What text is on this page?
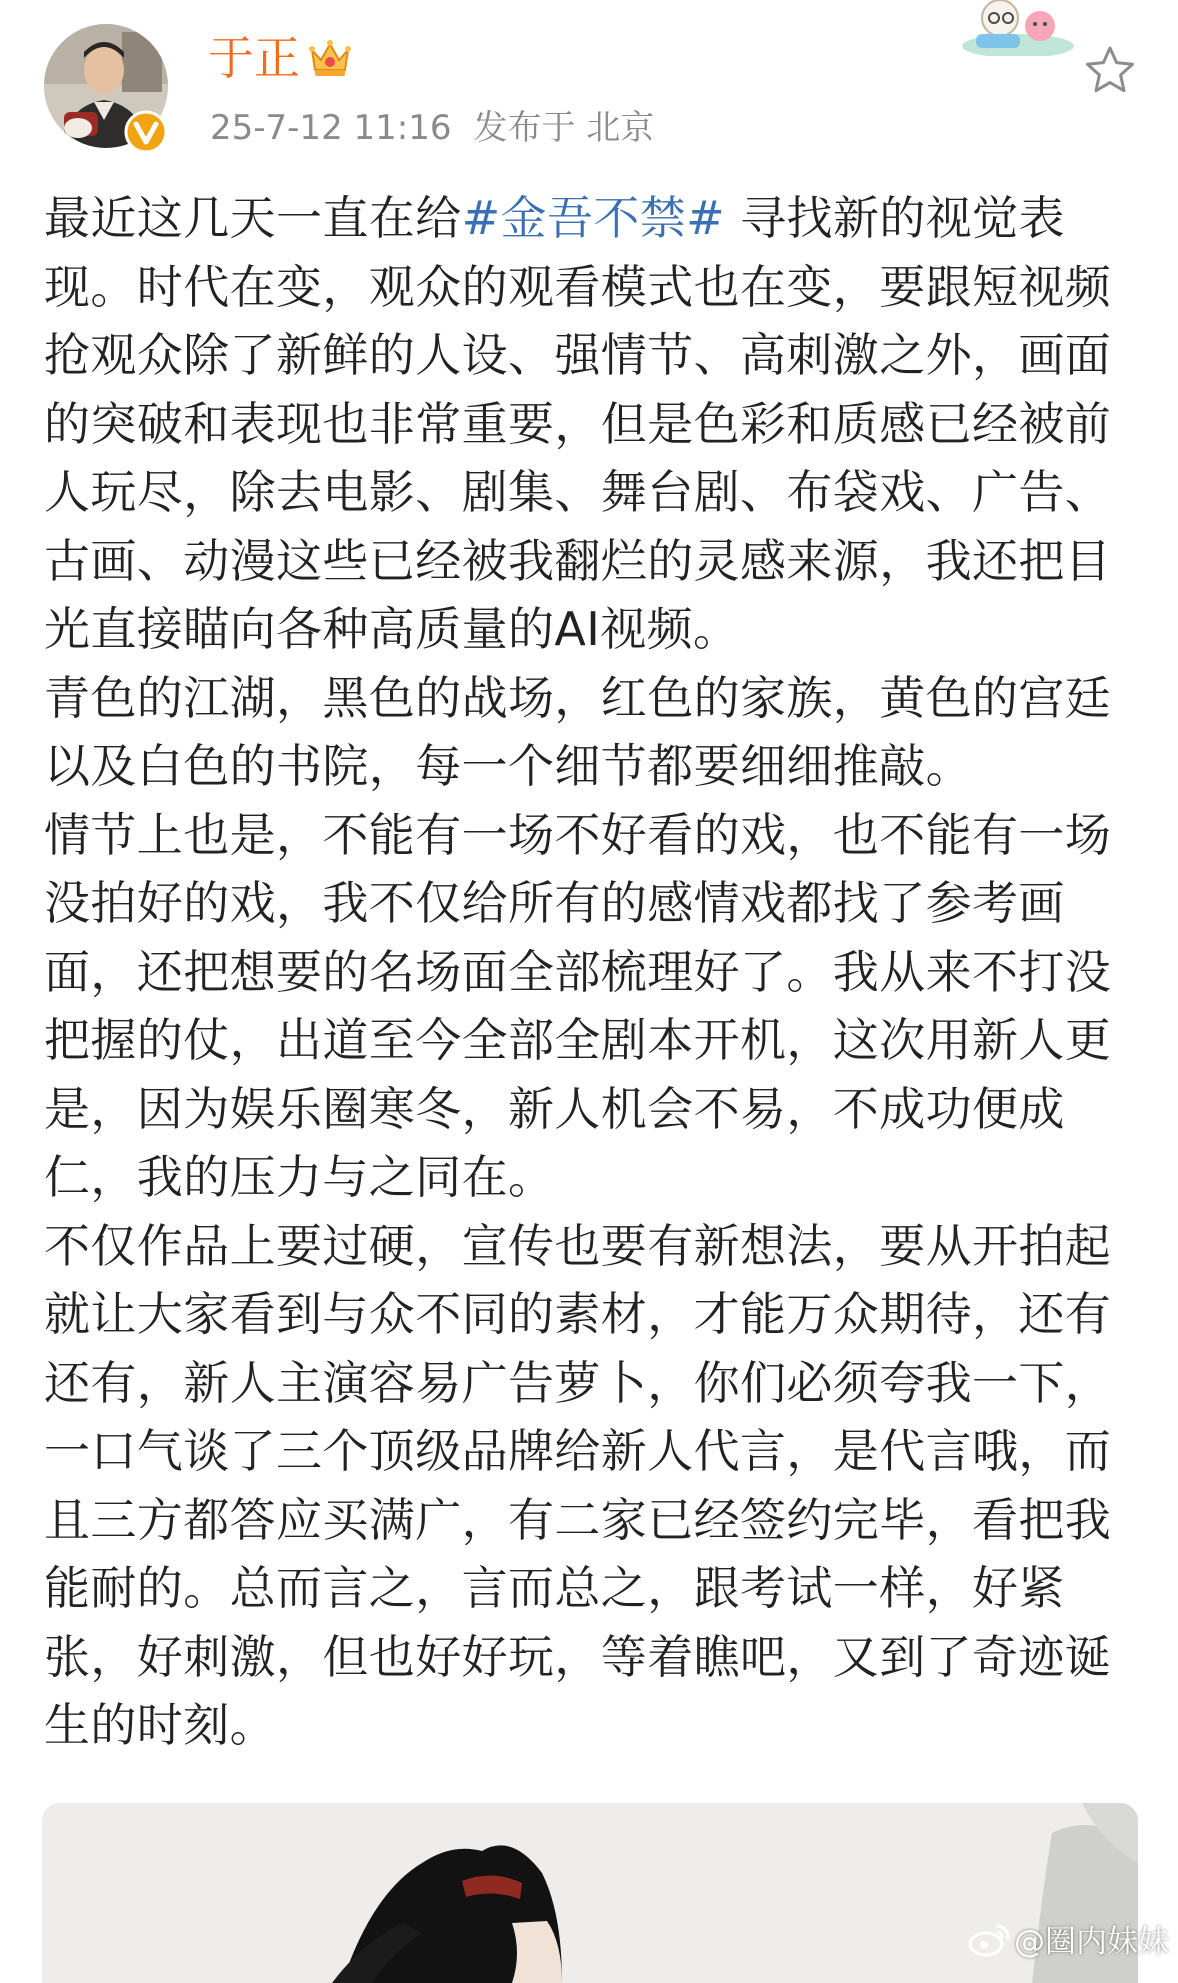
于正
25-7-12 11:16 发布于 北京

最近这几天一直在给#金吾不禁# 寻找新的视觉表现。时代在变，观众的观看模式也在变，要跟短视频抢观众除了新鲜的人设、强情节、高刺激之外，画面的突破和表现也非常重要，但是色彩和质感已经被前人玩尽，除去电影、剧集、舞台剧、布袋戏、广告、古画、动漫这些已经被我翻烂的灵感来源，我还把目光直接瞄向各种高质量的AI视频。

青色的江湖，黑色的战场，红色的家族，黄色的宫廷以及白色的书院，每一个细节都要细细推敲。

情节上也是，不能有一场不好看的戏，也不能有一场没拍好的戏，我不仅给所有的感情戏都找了参考画面，还把想要的名场面全部梳理好了。我从来不打没把握的仗，出道至今全部全剧本开机，这次用新人更是，因为娱乐圈寒冬，新人机会不易，不成功便成仁，我的压力与之同在。

不仅作品上要过硬，宣传也要有新想法，要从开拍起就让大家看到与众不同的素材，才能万众期待，还有还有，新人主演容易广告萝卜，你们必须夸我一下，一口气谈了三个顶级品牌给新人代言，是代言哦，而且三方都答应买满广，有二家已经签约完毕，看把我能耐的。总而言之，言而总之，跟考试一样，好紧张，好刺激，但也好好玩，等着瞧吧，又到了奇迹诞生的时刻。

@圈内妹妹
